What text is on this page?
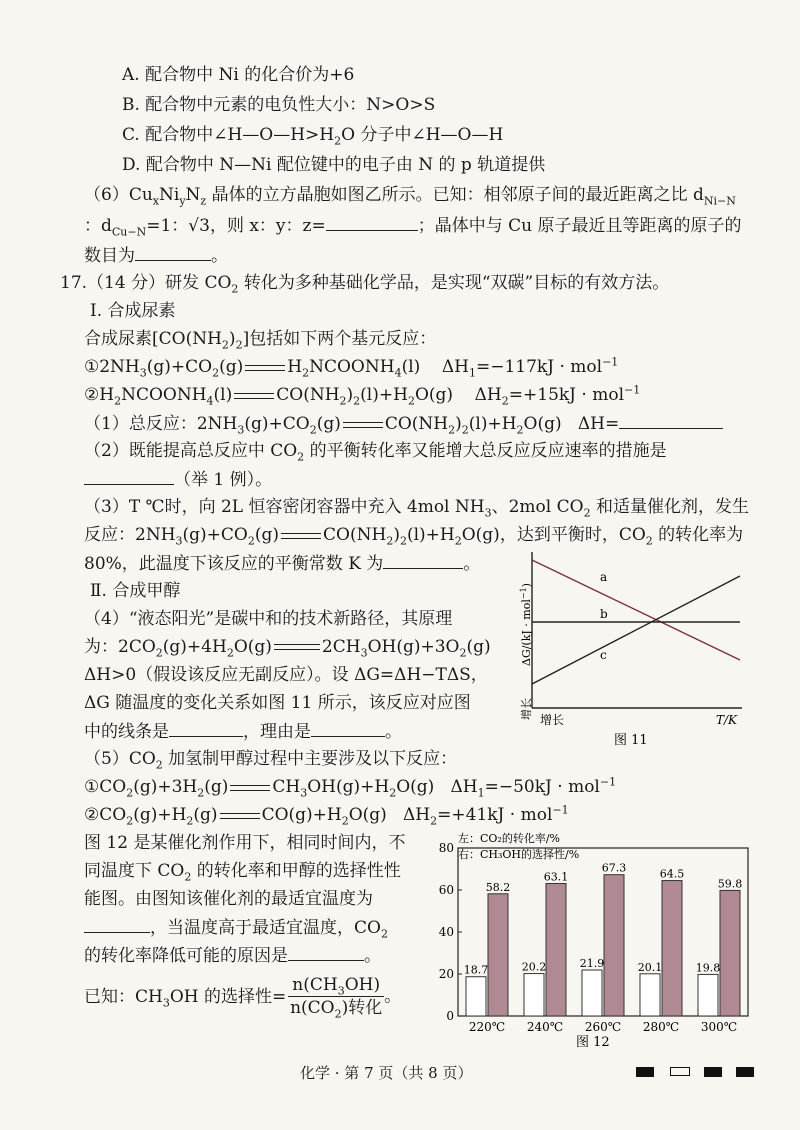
A. 配合物中 Ni 的化合价为+6
B. 配合物中元素的电负性大小：N>O>S
C. 配合物中$\angle H—O—H>H_2O$ 分子中∠H—O—H
D. 配合物中 N—Ni 配位键中的电子由 N 的 p 轨道提供
$(6)Cu_xNi_yN_z$ 晶体的立方晶胞如图乙所示。已知：相邻原子间的最近距离之比 $d_{Ni-N}$
：$d_{Cu-N}=1$：√3，则 x：y：z=	；晶体中与 Cu 原子最近且等距离的原子的
数目为	。
17.（14 分）研发 $CO_2$ 转化为多种基础化学品，是实现“双碳”目标的有效方法。
Ⅰ. 合成尿素
合成尿素$[CO(NH_2)_2]$包括如下两个基元反应：
$①2NH_3(g)+CO_2(g)$	$H_2NCOONH_4(l)$    $\Delta H_1=-117kJ \cdot mol^{-1}$
$②H_2NCOONH_4(l)$	$CO(NH_2)_2(l)+H_2O(g)$    $\Delta H_2=+15kJ \cdot mol^{-1}$
（1）总反应：$2NH_3(g)+CO_2(g)$	$CO(NH_2)_2(l)+H_2O(g)$   ΔH=
（2）既能提高总反应中 $CO_2$ 的平衡转化率又能增大总反应反应速率的措施是
（举 1 例）。
（3）T ℃时，向 2L 恒容密闭容器中充入 4mol $NH_3$、2mol $CO_2$ 和适量催化剂，发生
反应：$2NH_3(g)+CO_2(g)$	$CO(NH_2)_2(l)+H_2O(g)$，达到平衡时，$CO_2$ 的转化率为
80%，此温度下该反应的平衡常数 K 为	。
Ⅱ. 合成甲醇
（4）“液态阳光”是碳中和的技术新路径，其原理
为：$2CO_2(g)+4H_2O(g)$	$2CH_3OH(g)+3O_2(g)$
ΔH>0（假设该反应无副反应）。设 ΔG=ΔH−TΔS，
ΔG 随温度的变化关系如图 11 所示，该反应对应图
中的线条是	，理由是	。
ΔG/(kJ · mol$^{-1}$)
增长
a
b
c
增长	T/K
图 11
$(5)CO_2$ 加氢制甲醇过程中主要涉及以下反应：
$①CO_2(g)+3H_2(g)$	$CH_3OH(g)+H_2O(g) \Delta H_1=-50kJ \cdot mol^{-1}$
$②CO_2(g)+H_2(g)$	$CO(g)+H_2O(g) \Delta H_2=+41kJ \cdot mol^{-1}$
图 12 是某催化剂作用下，相同时间内，不
同温度下 $CO_2$ 的转化率和甲醇的选择性性
能图。由图知该催化剂的最适宜温度为
，当温度高于最适宜温度，$CO_2$
的转化率降低可能的原因是	。
已知：$CH_3OH$ 的选择性= $\frac{n(CH_3OH)}{n(CO_2)转化}$ 。
左：CO₂的转化率/%
右：CH₃OH的选择性/%
0
20
40
60
80
220℃
18.7
58.2
240℃
20.2
63.1
260℃
21.9
67.3
280℃
20.1
64.5
300℃
19.8
59.8
图 12
化学 · 第 7 页（共 8 页）
